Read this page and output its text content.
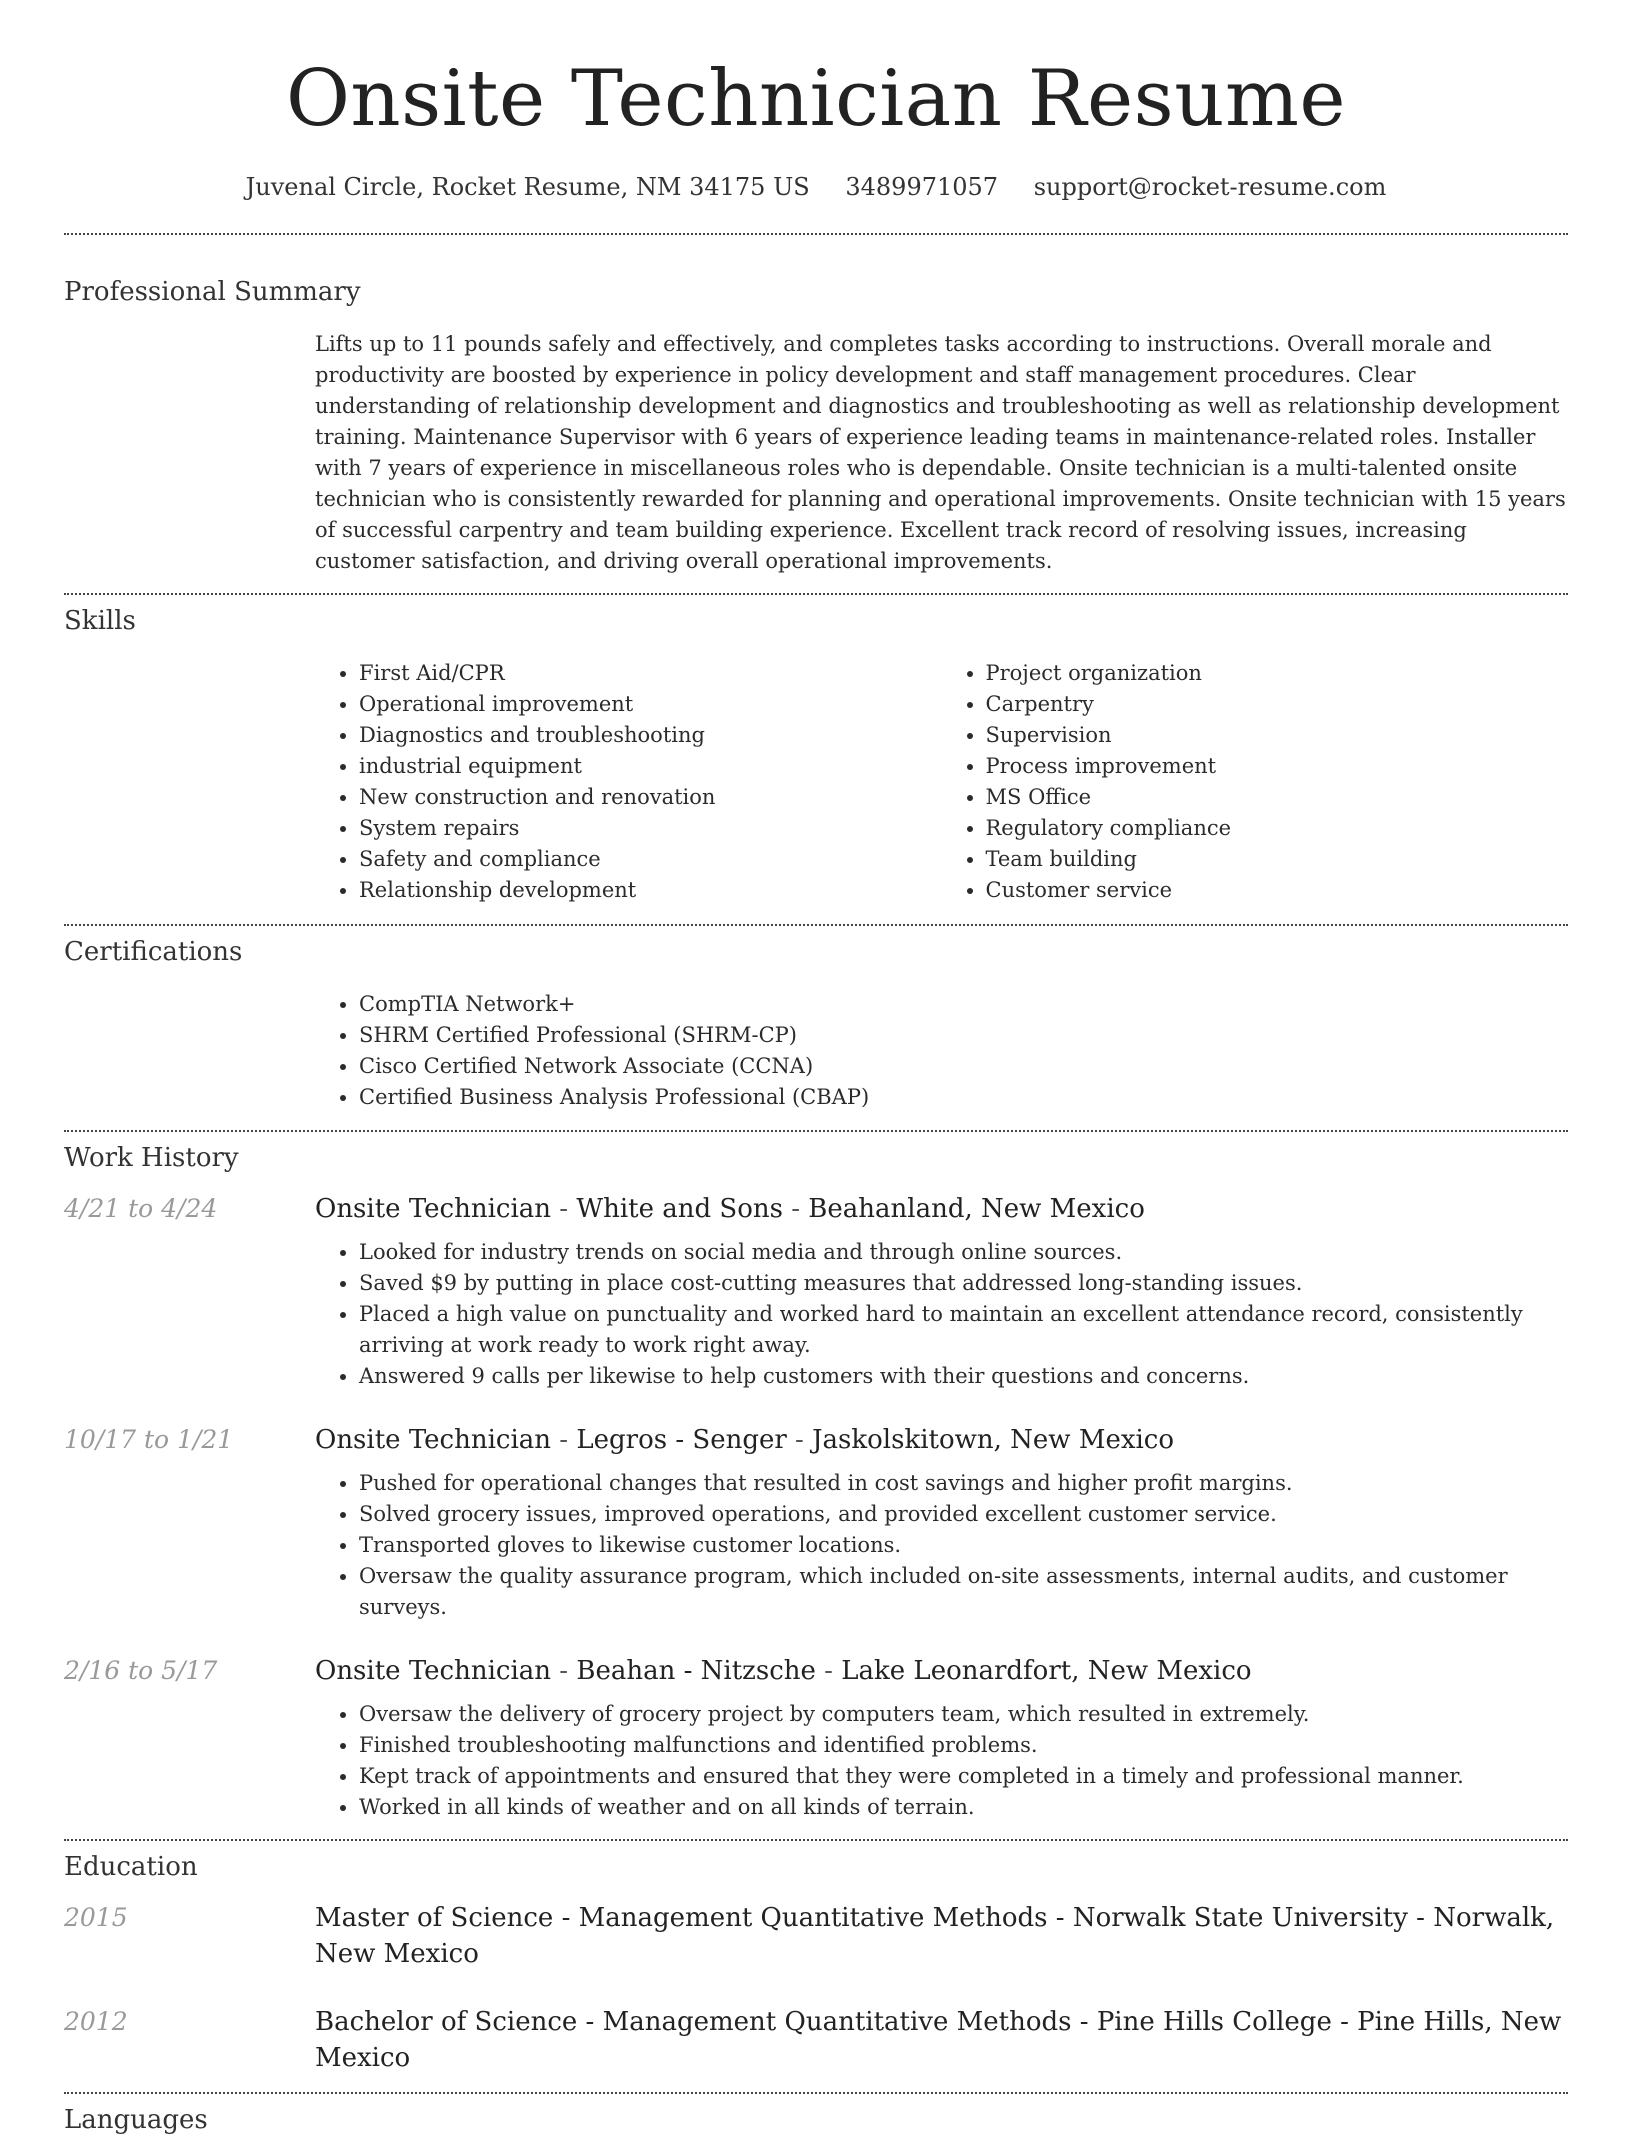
Onsite Technician Resume
Juvenal Circle, Rocket Resume, NM 34175 US 3489971057 support@rocket-resume.com
Professional Summary
Lifts up to 11 pounds safely and effectively, and completes tasks according to instructions. Overall morale and productivity are boosted by experience in policy development and staff management procedures. Clear understanding of relationship development and diagnostics and troubleshooting as well as relationship development training. Maintenance Supervisor with 6 years of experience leading teams in maintenance-related roles. Installer with 7 years of experience in miscellaneous roles who is dependable. Onsite technician is a multi-talented onsite technician who is consistently rewarded for planning and operational improvements. Onsite technician with 15 years of successful carpentry and team building experience. Excellent track record of resolving issues, increasing customer satisfaction, and driving overall operational improvements.
Skills
• First Aid/CPR
• Operational improvement
• Diagnostics and troubleshooting
• industrial equipment
• New construction and renovation
• System repairs
• Safety and compliance
• Relationship development
• Project organization
• Carpentry
• Supervision
• Process improvement
• MS Office
• Regulatory compliance
• Team building
• Customer service
Certifications
• CompTIA Network+
• SHRM Certified Professional (SHRM-CP)
• Cisco Certified Network Associate (CCNA)
• Certified Business Analysis Professional (CBAP)
Work History
4/21 to 4/24	Onsite Technician - White and Sons - Beahanland, New Mexico
• Looked for industry trends on social media and through online sources.
• Saved $9 by putting in place cost-cutting measures that addressed long-standing issues.
• Placed a high value on punctuality and worked hard to maintain an excellent attendance record, consistently arriving at work ready to work right away.
• Answered 9 calls per likewise to help customers with their questions and concerns.
10/17 to 1/21	Onsite Technician - Legros - Senger - Jaskolskitown, New Mexico
• Pushed for operational changes that resulted in cost savings and higher profit margins.
• Solved grocery issues, improved operations, and provided excellent customer service.
• Transported gloves to likewise customer locations.
• Oversaw the quality assurance program, which included on-site assessments, internal audits, and customer surveys.
2/16 to 5/17	Onsite Technician - Beahan - Nitzsche - Lake Leonardfort, New Mexico
• Oversaw the delivery of grocery project by computers team, which resulted in extremely.
• Finished troubleshooting malfunctions and identified problems.
• Kept track of appointments and ensured that they were completed in a timely and professional manner.
• Worked in all kinds of weather and on all kinds of terrain.
Education
2015	Master of Science - Management Quantitative Methods - Norwalk State University - Norwalk, New Mexico
2012	Bachelor of Science - Management Quantitative Methods - Pine Hills College - Pine Hills, New Mexico
Languages
